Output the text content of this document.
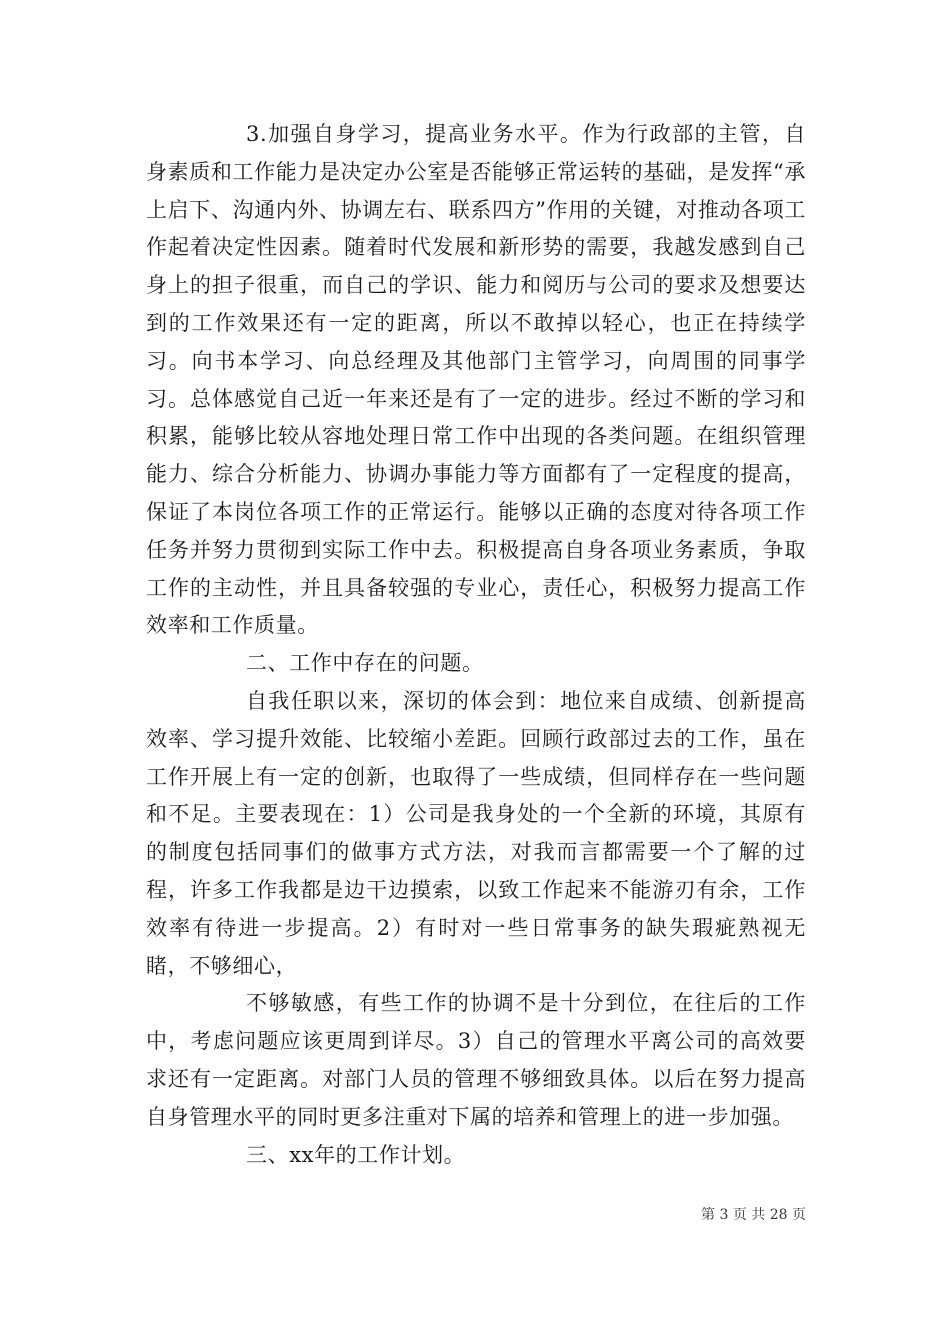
3.加强自身学习，提高业务水平。作为行政部的主管，自身素质和工作能力是决定办公室是否能够正常运转的基础，是发挥“承上启下、沟通内外、协调左右、联系四方”作用的关键，对推动各项工作起着决定性因素。随着时代发展和新形势的需要，我越发感到自己身上的担子很重，而自己的学识、能力和阅历与公司的要求及想要达到的工作效果还有一定的距离，所以不敢掉以轻心，也正在持续学习。向书本学习、向总经理及其他部门主管学习，向周围的同事学习。总体感觉自己近一年来还是有了一定的进步。经过不断的学习和积累，能够比较从容地处理日常工作中出现的各类问题。在组织管理能力、综合分析能力、协调办事能力等方面都有了一定程度的提高，保证了本岗位各项工作的正常运行。能够以正确的态度对待各项工作任务并努力贯彻到实际工作中去。积极提高自身各项业务素质，争取工作的主动性，并且具备较强的专业心，责任心，积极努力提高工作效率和工作质量。

二、工作中存在的问题。

自我任职以来，深切的体会到：地位来自成绩、创新提高效率、学习提升效能、比较缩小差距。回顾行政部过去的工作，虽在工作开展上有一定的创新，也取得了一些成绩，但同样存在一些问题和不足。主要表现在：1）公司是我身处的一个全新的环境，其原有的制度包括同事们的做事方式方法，对我而言都需要一个了解的过程，许多工作我都是边干边摸索，以致工作起来不能游刃有余，工作效率有待进一步提高。2）有时对一些日常事务的缺失瑕疵熟视无睹，不够细心，

不够敏感，有些工作的协调不是十分到位，在往后的工作中，考虑问题应该更周到详尽。3）自己的管理水平离公司的高效要求还有一定距离。对部门人员的管理不够细致具体。以后在努力提高自身管理水平的同时更多注重对下属的培养和管理上的进一步加强。

三、xx年的工作计划。

第 3 页 共 28 页
